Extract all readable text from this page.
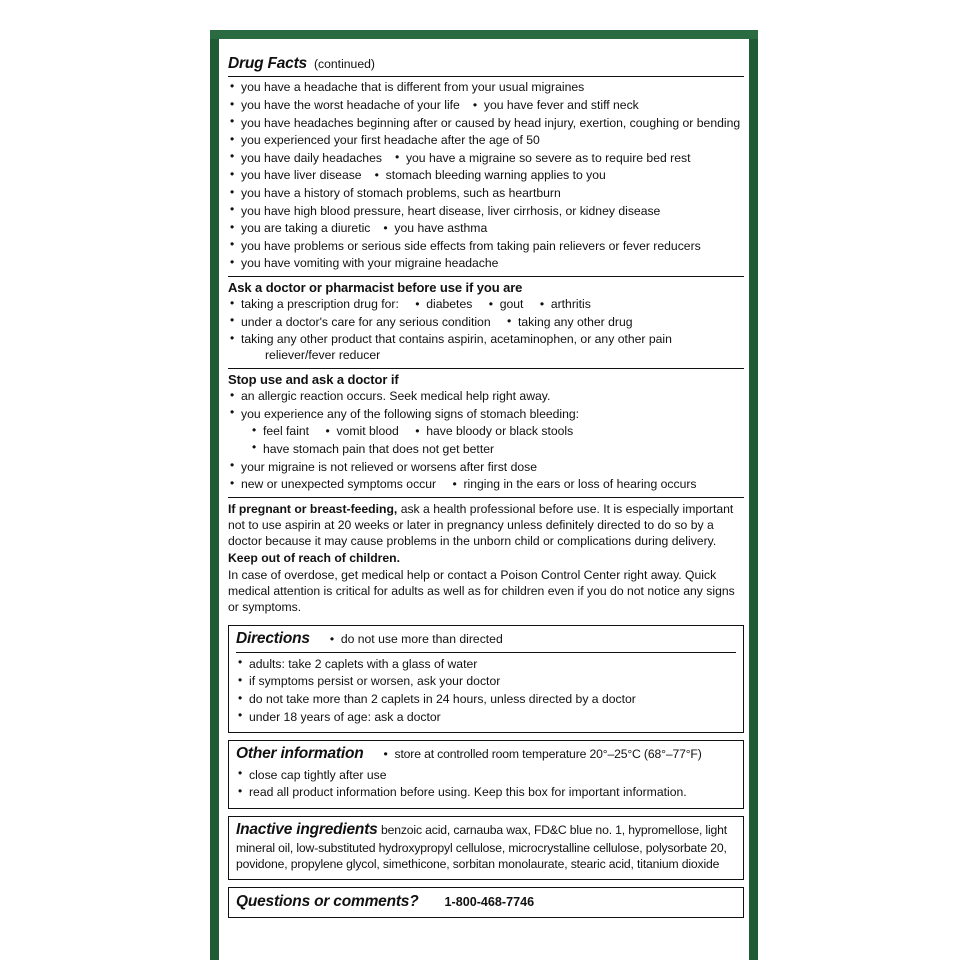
Drug Facts (continued)
• you have a headache that is different from your usual migraines
• you have the worst headache of your life • you have fever and stiff neck
• you have headaches beginning after or caused by head injury, exertion, coughing or bending
• you experienced your first headache after the age of 50
• you have daily headaches • you have a migraine so severe as to require bed rest
• you have liver disease • stomach bleeding warning applies to you
• you have a history of stomach problems, such as heartburn
• you have high blood pressure, heart disease, liver cirrhosis, or kidney disease
• you are taking a diuretic • you have asthma
• you have problems or serious side effects from taking pain relievers or fever reducers
• you have vomiting with your migraine headache
Ask a doctor or pharmacist before use if you are
• taking a prescription drug for: • diabetes • gout • arthritis
• under a doctor's care for any serious condition • taking any other drug
• taking any other product that contains aspirin, acetaminophen, or any other pain
reliever/fever reducer
Stop use and ask a doctor if
• an allergic reaction occurs. Seek medical help right away.
• you experience any of the following signs of stomach bleeding:
• feel faint • vomit blood • have bloody or black stools
• have stomach pain that does not get better
• your migraine is not relieved or worsens after first dose
• new or unexpected symptoms occur • ringing in the ears or loss of hearing occurs

If pregnant or breast-feeding, ask a health professional before use. It is especially important not to use aspirin at 20 weeks or later in pregnancy unless definitely directed to do so by a doctor because it may cause problems in the unborn child or complications during delivery.

Keep out of reach of children.

In case of overdose, get medical help or contact a Poison Control Center right away. Quick medical attention is critical for adults as well as for children even if you do not notice any signs or symptoms.

Directions	• do not use more than directed
• adults: take 2 caplets with a glass of water
• if symptoms persist or worsen, ask your doctor
• do not take more than 2 caplets in 24 hours, unless directed by a doctor
• under 18 years of age: ask a doctor
Other information	• store at controlled room temperature 20°–25°C (68°–77°F)
• close cap tightly after use
• read all product information before using. Keep this box for important information.
Inactive ingredients benzoic acid, carnauba wax, FD&C blue no. 1, hypromellose, light mineral oil, low-substituted hydroxypropyl cellulose, microcrystalline cellulose, polysorbate 20, povidone, propylene glycol, simethicone, sorbitan monolaurate, stearic acid, titanium dioxide
Questions or comments? 1-800-468-7746
